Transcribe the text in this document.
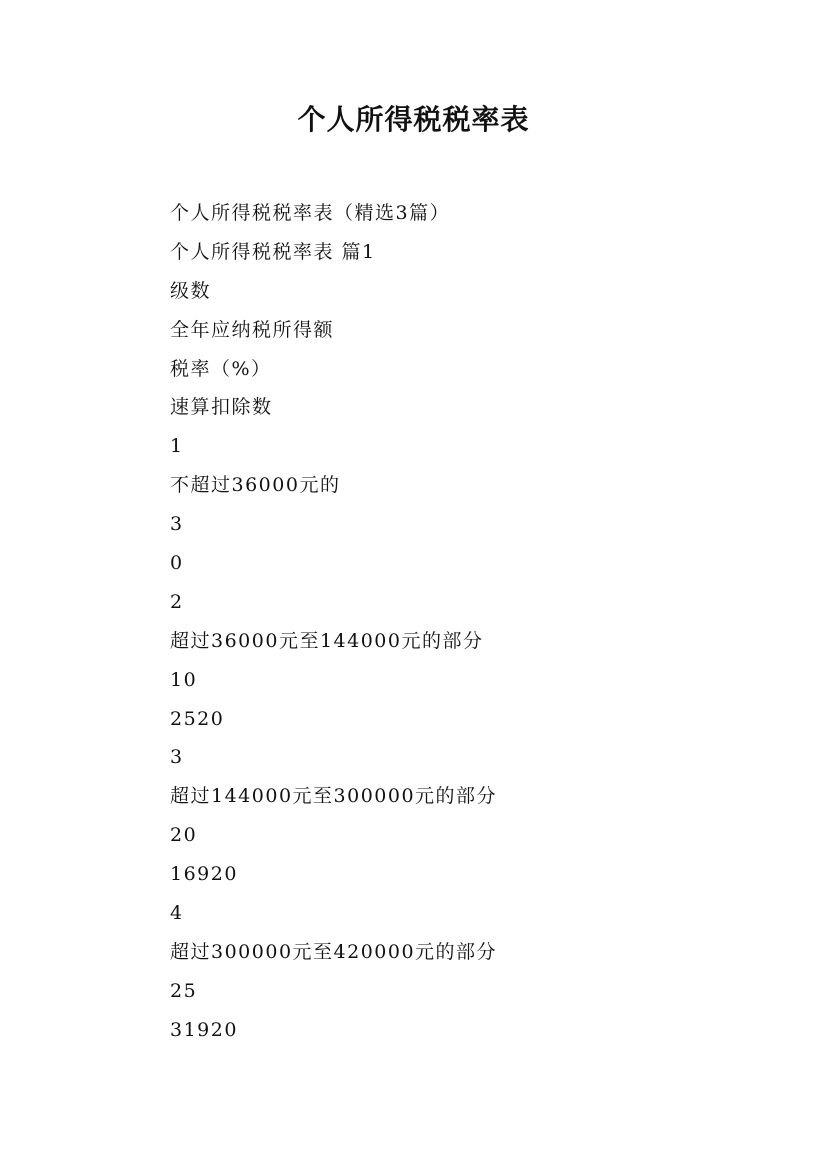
个人所得税税率表
个人所得税税率表（精选3篇）
个人所得税税率表 篇1
级数
全年应纳税所得额
税率（%）
速算扣除数
1
不超过36000元的
3
0
2
超过36000元至144000元的部分
10
2520
3
超过144000元至300000元的部分
20
16920
4
超过300000元至420000元的部分
25
31920
